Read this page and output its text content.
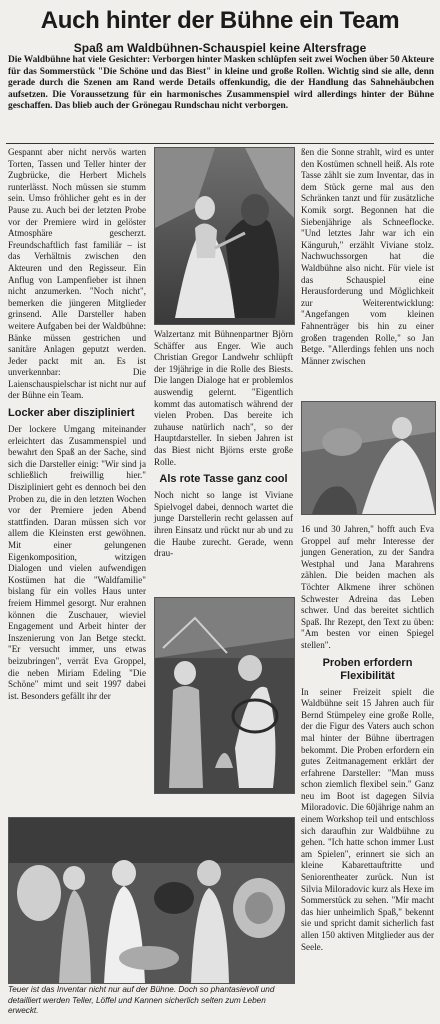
Auch hinter der Bühne ein Team
Spaß am Waldbühnen-Schauspiel keine Altersfrage
Die Waldbühne hat viele Gesichter: Verborgen hinter Masken schlüpfen seit zwei Wochen über 50 Akteure für das Sommerstück "Die Schöne und das Biest" in kleine und große Rollen. Wichtig sind sie alle, denn gerade durch die Szenen am Rand werde Details offenkundig, die der Handlung das Sahnehäubchen aufsetzen. Die Voraussetzung für ein harmonisches Zusammenspiel wird allerdings hinter der Bühne geschaffen. Das blieb auch der Grönegau Rundschau nicht verborgen.

Gespannt aber nicht nervös warten Torten, Tassen und Teller hinter der Zugbrücke, die Herbert Michels runterlässt. Noch müssen sie stumm sein. Umso fröhlicher geht es in der Pause zu. Auch bei der letzten Probe vor der Premiere wird in gelöster Atmosphäre gescherzt. Freundschaftlich fast familiär – ist das Verhältnis zwischen den Akteuren und den Regisseur. Ein Anflug von Lampenfieber ist ihnen nicht anzumerken. "Noch nicht", bemerken die jüngeren Mitglieder grinsend. Alle Darsteller haben weitere Aufgaben bei der Waldbühne: Bänke müssen gestrichen und sanitäre Anlagen geputzt werden. Jeder packt mit an. Es ist unverkennbar: Die Laienschauspielschar ist nicht nur auf der Bühne ein Team.

Locker aber diszipliniert

Der lockere Umgang miteinander erleichtert das Zusammenspiel und bewahrt den Spaß an der Sache, sind sich die Darsteller einig: "Wir sind ja schließlich freiwillig hier." Diszipliniert geht es dennoch bei den Proben zu, die in den letzten Wochen vor der Premiere jeden Abend stattfinden. Daran müssen sich vor allem die Kleinsten erst gewöhnen. Mit einer gelungenen Eigenkomposition, witzigen Dialogen und vielen aufwendigen Kostümen hat die "Waldfamilie" bislang für ein volles Haus unter freiem Himmel gesorgt. Nur erahnen können die Zuschauer, wieviel Engagement und Arbeit hinter der Inszenierung von Jan Betge steckt. "Er versucht immer, uns etwas beizubringen", verrät Eva Groppel, die neben Miriam Edeling "Die Schöne" mimt und seit 1997 dabei ist. Besonders gefällt ihr der

Walzertanz mit Bühnenpartner Björn Schäffer aus Enger. Wie auch Christian Gregor Landwehr schlüpft der 19jährige in die Rolle des Biests. Die langen Dialoge hat er problemlos auswendig gelernt. "Eigentlich kommt das automatisch während der vielen Proben. Das bereite ich zuhause natürlich nach", so der Hauptdarsteller. In sieben Jahren ist das Biest nicht Björns erste große Rolle.

Als rote Tasse ganz cool

Noch nicht so lange ist Viviane Spielvogel dabei, dennoch wartet die junge Darstellerin recht gelassen auf ihren Einsatz und rückt nur ab und zu die Haube zurecht. Gerade, wenn drau-

ßen die Sonne strahlt, wird es unter den Kostümen schnell heiß. Als rote Tasse zählt sie zum Inventar, das in dem Stück gerne mal aus den Schränken tanzt und für zusätzliche Komik sorgt. Begonnen hat die Siebenjährige als Schneeflocke. "Und letztes Jahr war ich ein Känguruh," erzählt Viviane stolz. Nachwuchssorgen hat die Waldbühne also nicht. Für viele ist das Schauspiel eine Herausforderung und Möglichkeit zur Weiterentwicklung: "Angefangen vom kleinen Fahnenträger bis hin zu einer großen tragenden Rolle," so Jan Betge. "Allerdings fehlen uns noch Männer zwischen

16 und 30 Jahren," hofft auch Eva Groppel auf mehr Interesse der jungen Generation, zu der Sandra Westphal und Jana Marahrens zählen. Die beiden machen als Töchter Alkmene ihrer schönen Schwester Adreina das Leben schwer. Und das bereitet sichtlich Spaß. Ihr Rezept, den Text zu üben: "Am besten vor einen Spiegel stellen".

Proben erfordern Flexibilität

In seiner Freizeit spielt die Waldbühne seit 15 Jahren auch für Bernd Stümpeley eine große Rolle, der die Figur des Vaters auch schon mal hinter der Bühne übertragen bekommt. Die Proben erfordern ein gutes Zeitmanagement erklärt der erfahrene Darsteller: "Man muss schon ziemlich flexibel sein." Ganz neu im Boot ist dagegen Silvia Miloradovic. Die 60jährige nahm an einem Workshop teil und entschloss sich daraufhin zur Waldbühne zu gehen. "Ich hatte schon immer Lust am Spielen", erinnert sie sich an kleine Kabarettauftritte und Seniorentheater zurück. Nun ist Silvia Miloradovic kurz als Hexe im Sommerstück zu sehen. "Mir macht das hier unheimlich Spaß," bekennt sie und spricht damit sicherlich fast allen 150 aktiven Mitglieder aus der Seele.

Teuer ist das Inventar nicht nur auf der Bühne. Doch so phantasievoll und detailliert werden Teller, Löffel und Kannen sicherlich selten zum Leben erweckt.
